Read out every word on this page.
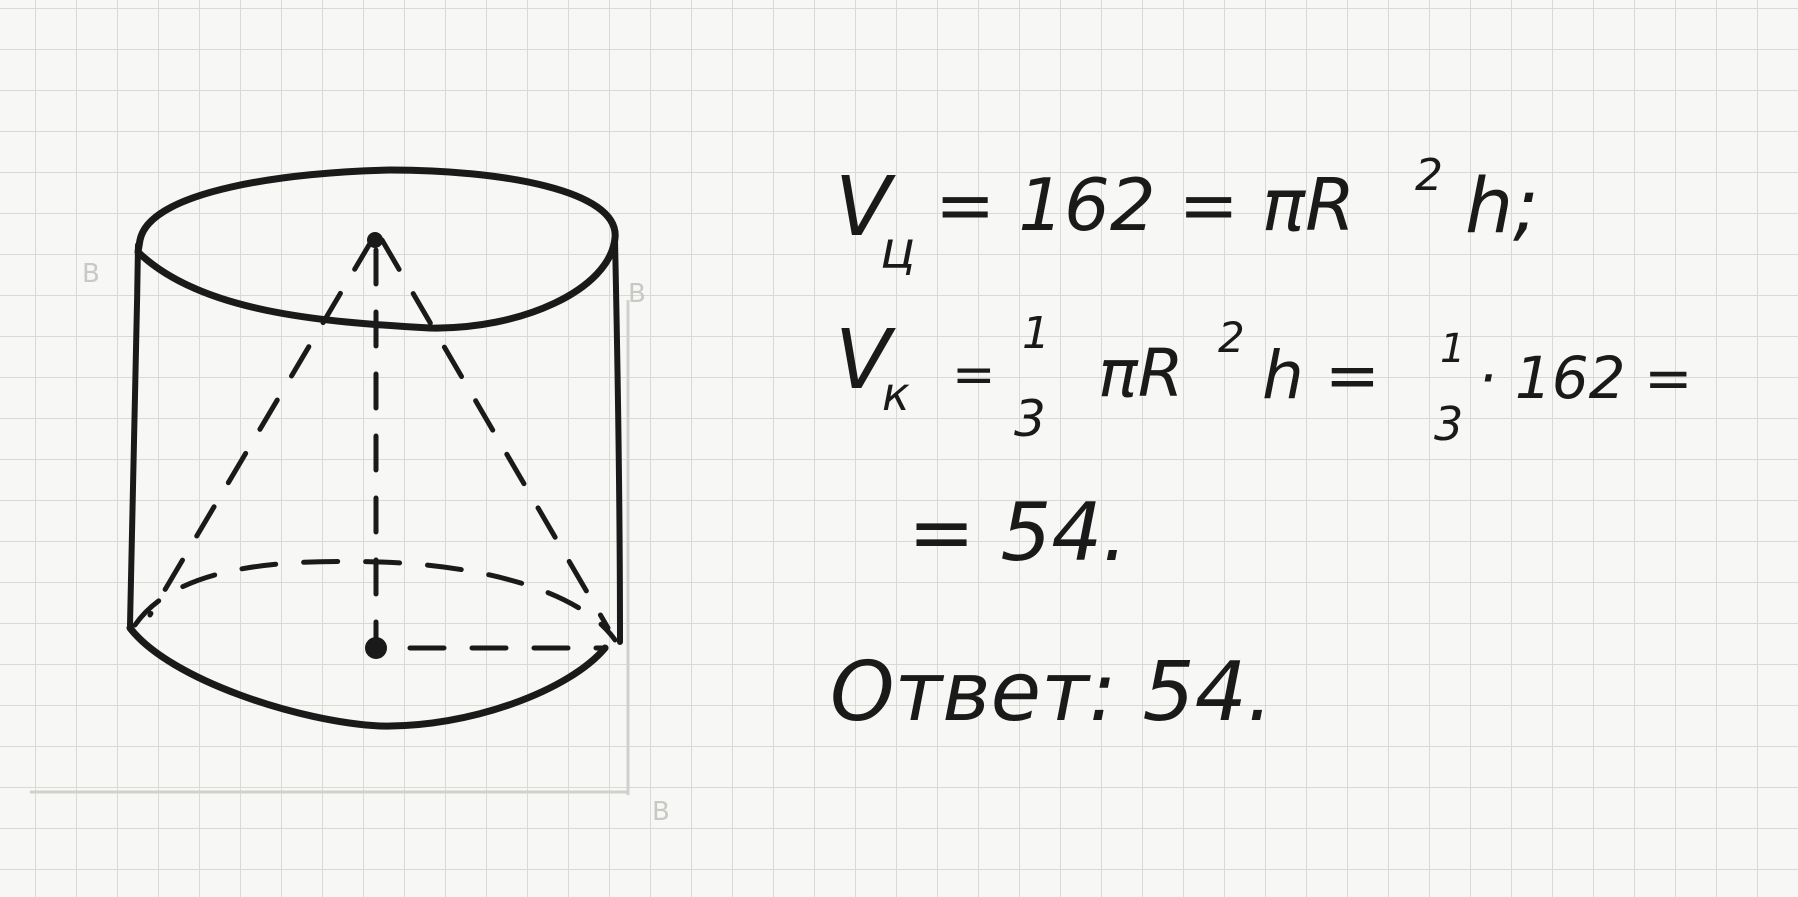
В
В
В
V
ц
= 162 = πR 2 h;
V
к =
1
3
πR 2 h = 1
3
· 162 =
= 54.
Ответ: 54.
